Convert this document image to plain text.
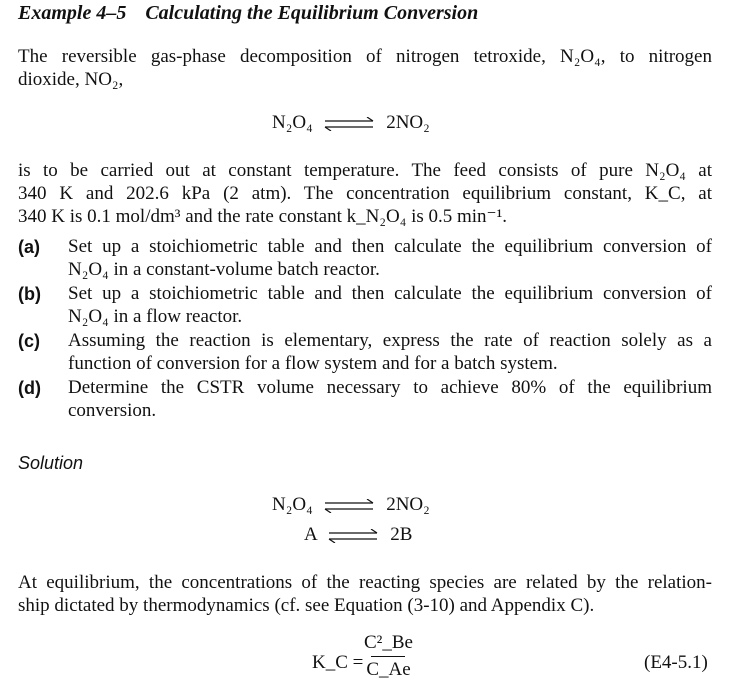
Example 4–5 Calculating the Equilibrium Conversion
The reversible gas-phase decomposition of nitrogen tetroxide, N₂O₄, to nitrogen
dioxide, NO₂,
N₂O₄ ⇌ 2NO₂
is to be carried out at constant temperature. The feed consists of pure N₂O₄ at
340 K and 202.6 kPa (2 atm). The concentration equilibrium constant, K_C, at
340 K is 0.1 mol/dm³ and the rate constant k_N₂O₄ is 0.5 min⁻¹.
(a) Set up a stoichiometric table and then calculate the equilibrium conversion of
N₂O₄ in a constant-volume batch reactor.
(b) Set up a stoichiometric table and then calculate the equilibrium conversion of
N₂O₄ in a flow reactor.
(c) Assuming the reaction is elementary, express the rate of reaction solely as a
function of conversion for a flow system and for a batch system.
(d) Determine the CSTR volume necessary to achieve 80% of the equilibrium
conversion.
Solution
N₂O₄ ⇌ 2NO₂
A ⇌ 2B
At equilibrium, the concentrations of the reacting species are related by the relation-
ship dictated by thermodynamics (cf. see Equation (3-10) and Appendix C).
K_C =
C²_Be
C_Ae	(E4-5.1)
